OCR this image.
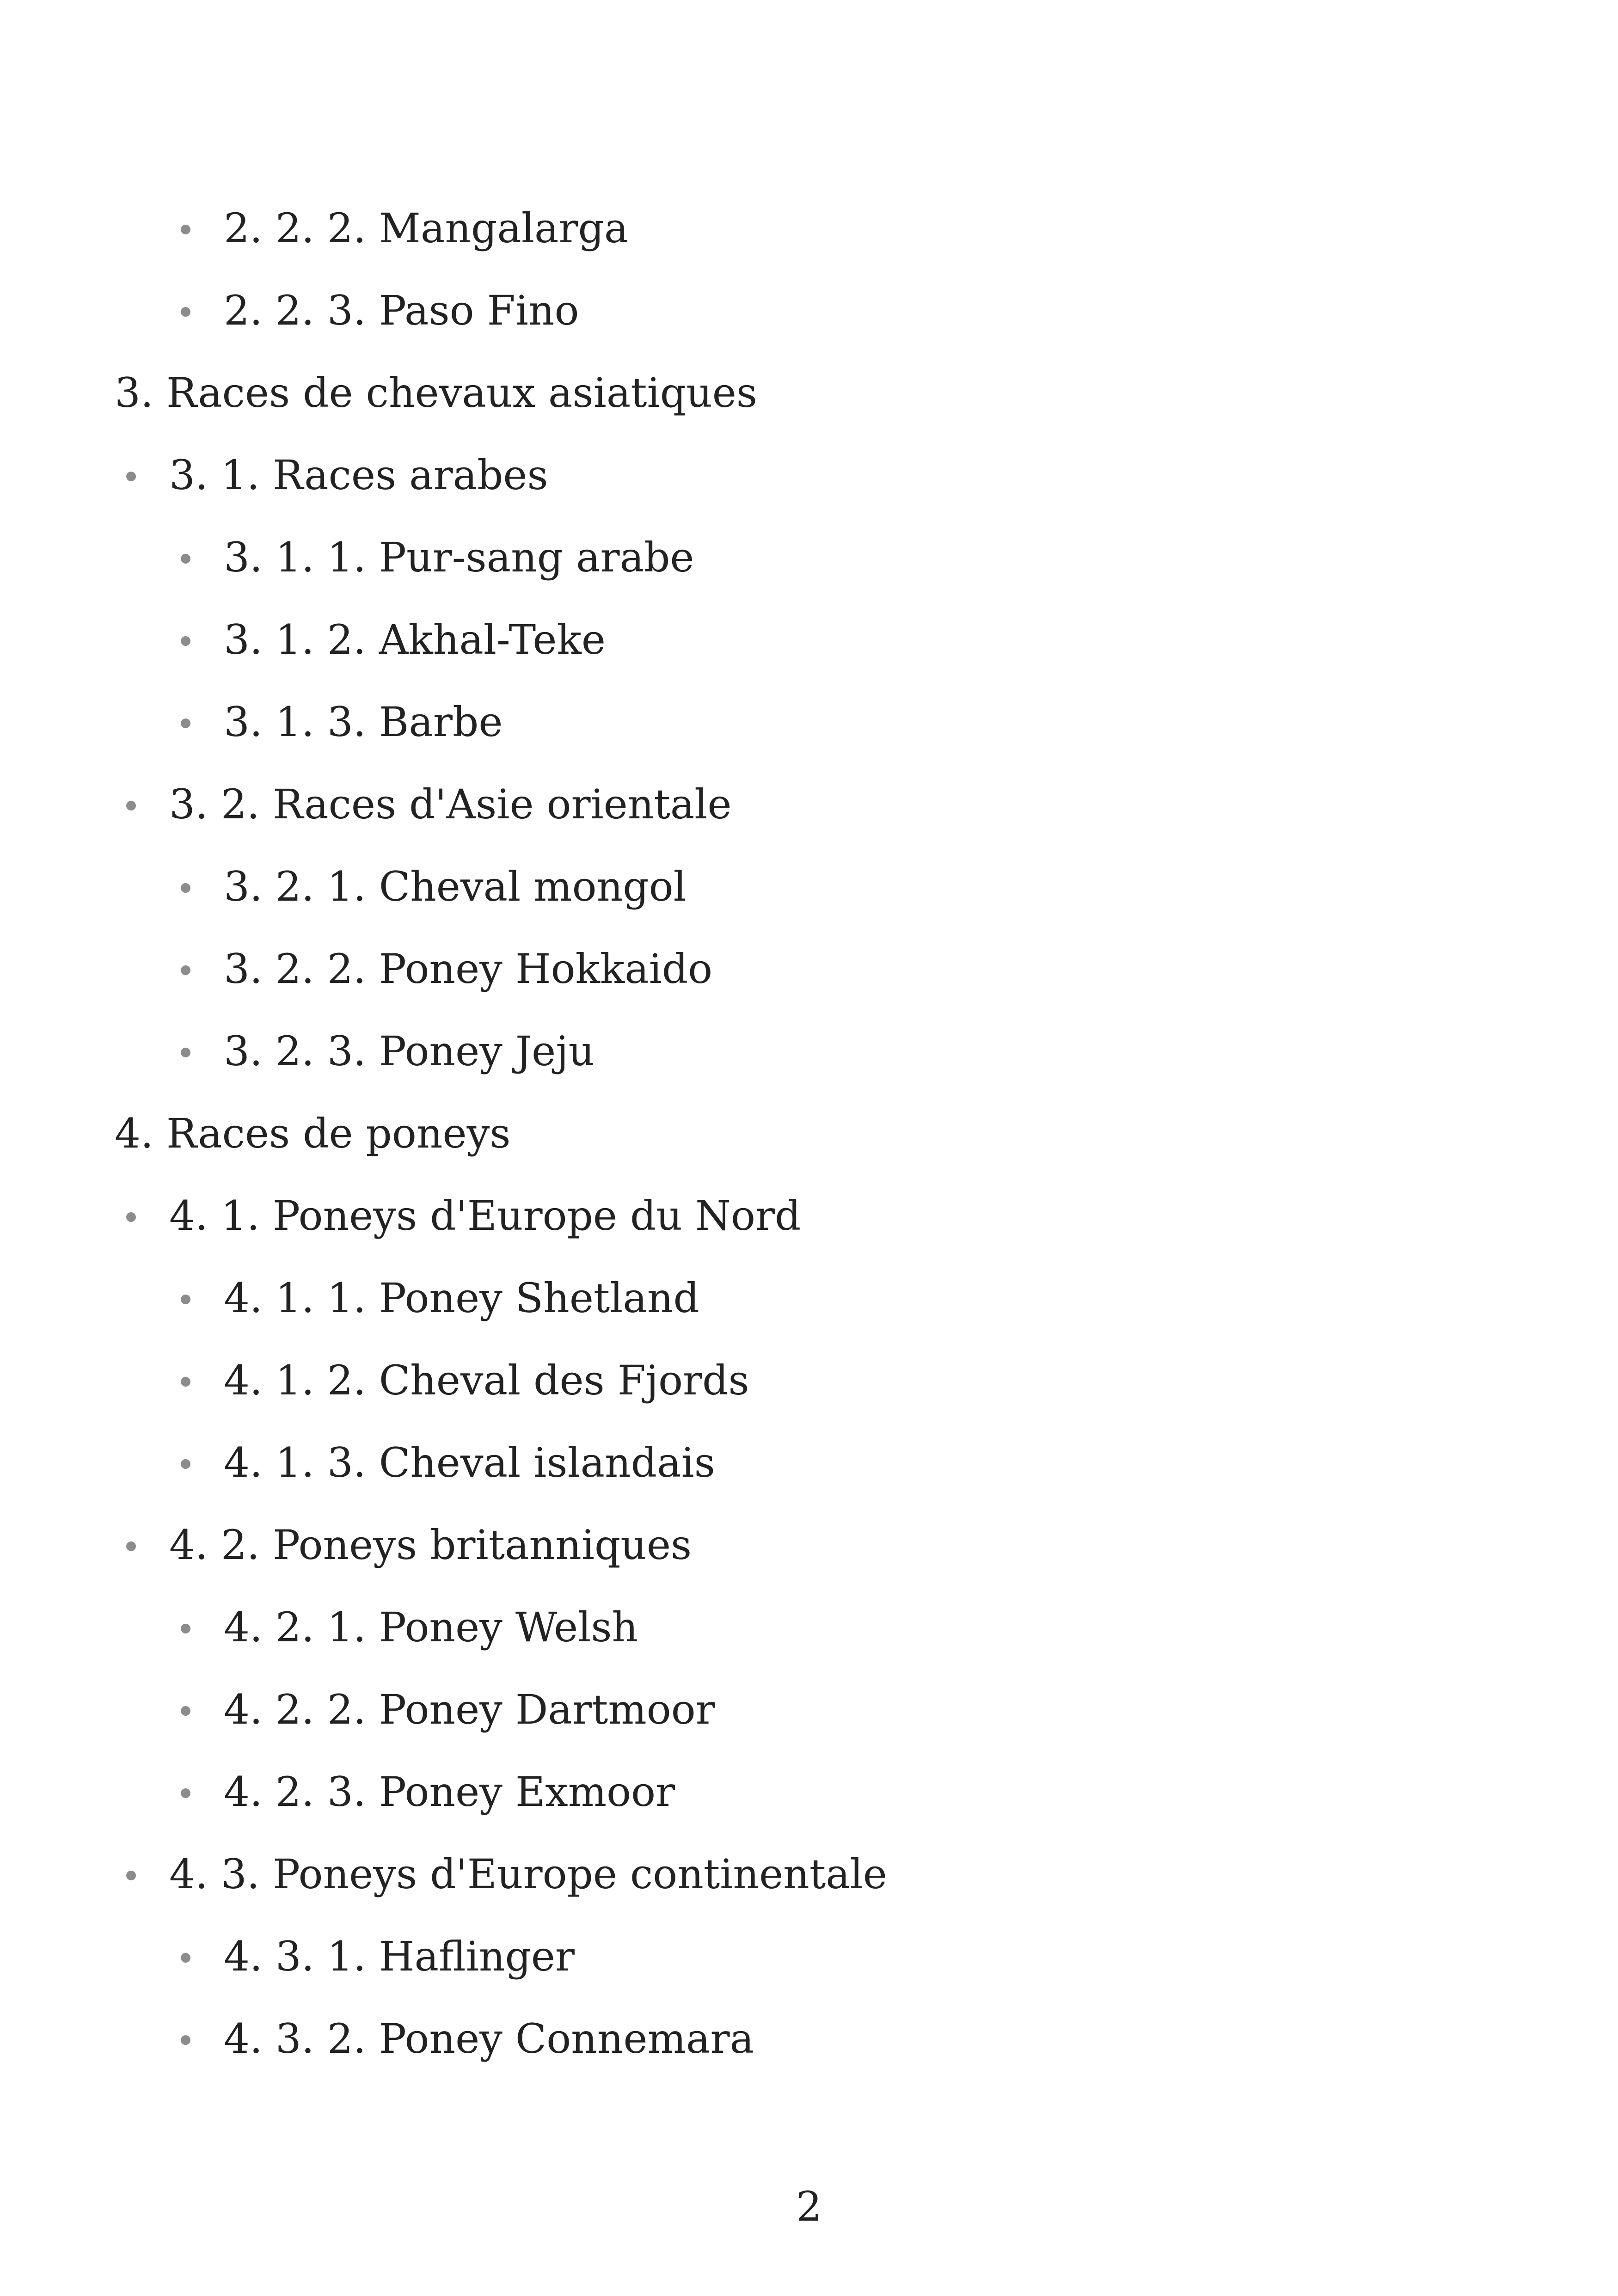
2. 2. 2. Mangalarga
2. 2. 3. Paso Fino
3. Races de chevaux asiatiques
3. 1. Races arabes
3. 1. 1. Pur-sang arabe
3. 1. 2. Akhal-Teke
3. 1. 3. Barbe
3. 2. Races d'Asie orientale
3. 2. 1. Cheval mongol
3. 2. 2. Poney Hokkaido
3. 2. 3. Poney Jeju
4. Races de poneys
4. 1. Poneys d'Europe du Nord
4. 1. 1. Poney Shetland
4. 1. 2. Cheval des Fjords
4. 1. 3. Cheval islandais
4. 2. Poneys britanniques
4. 2. 1. Poney Welsh
4. 2. 2. Poney Dartmoor
4. 2. 3. Poney Exmoor
4. 3. Poneys d'Europe continentale
4. 3. 1. Haflinger
4. 3. 2. Poney Connemara
2
